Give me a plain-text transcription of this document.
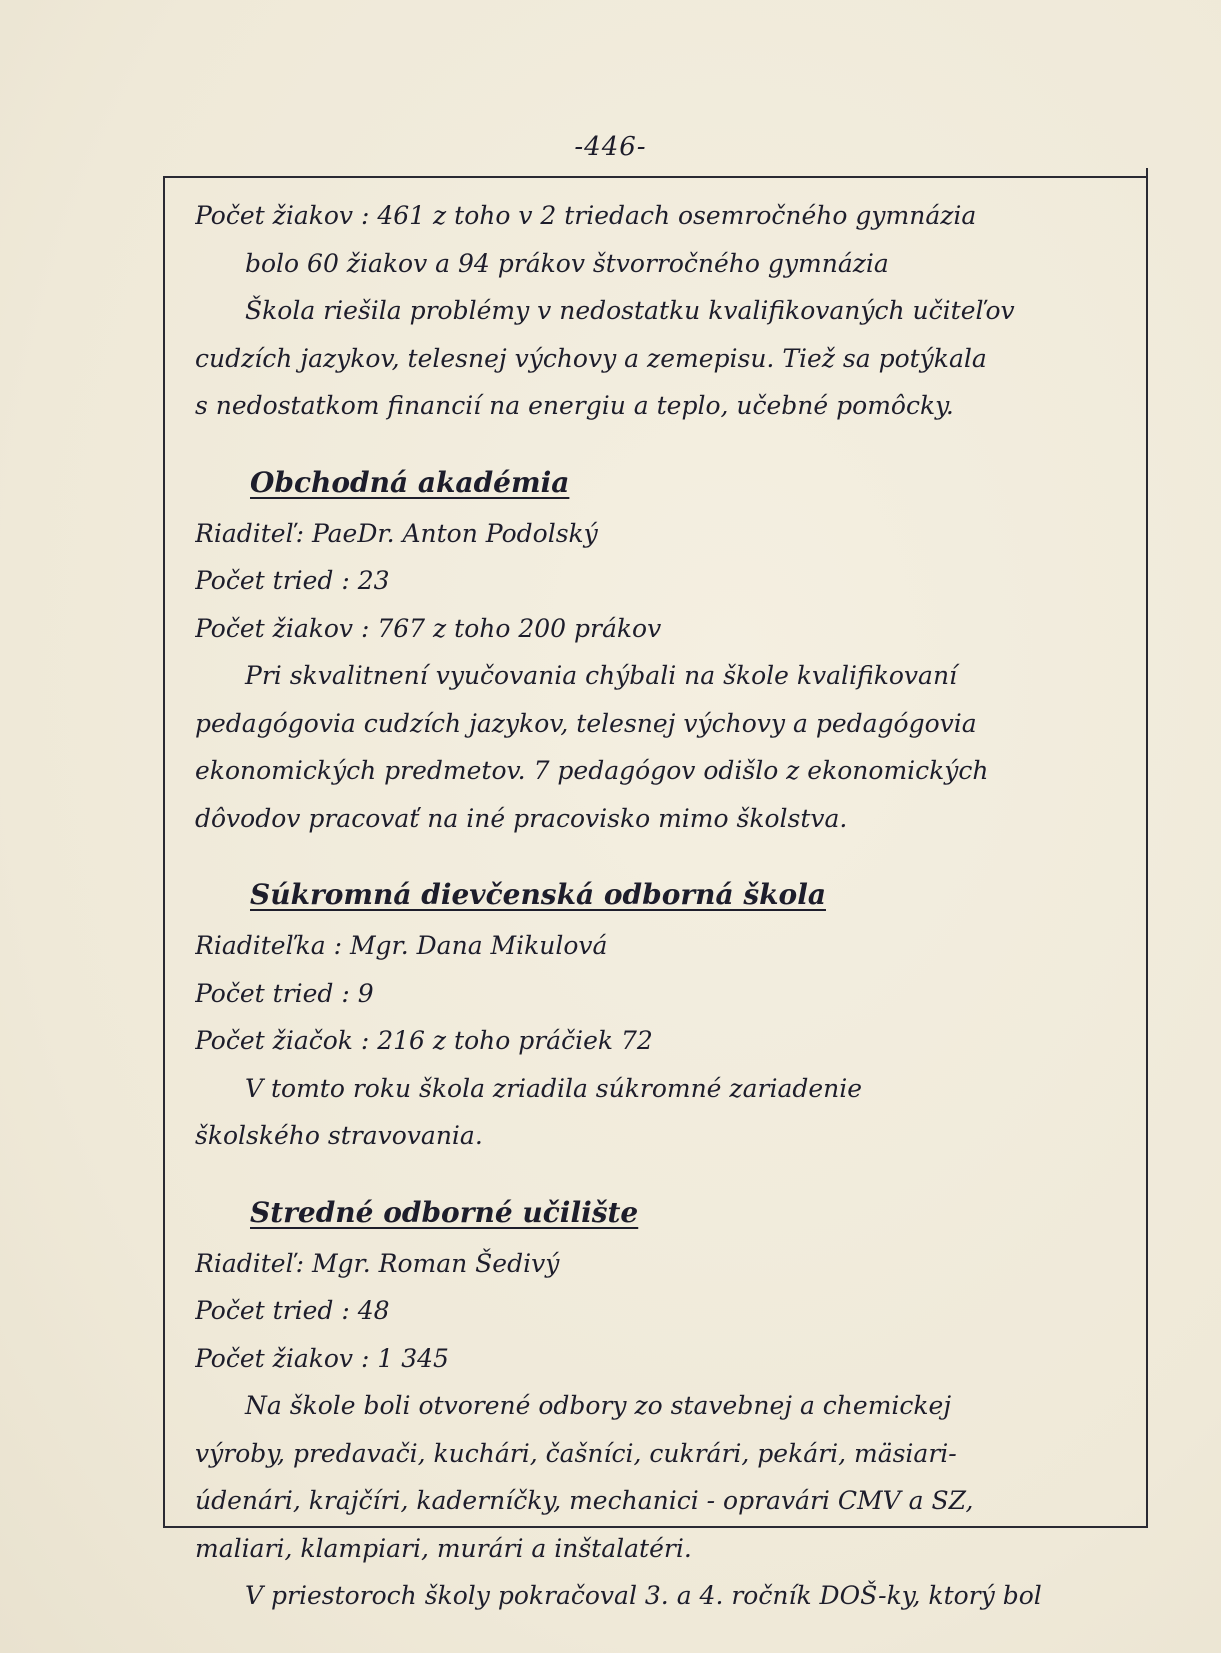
-446-
Počet žiakov : 461 z toho v 2 triedach osemročného gymnázia
bolo 60 žiakov a 94 prákov štvorročného gymnázia
Škola riešila problémy v nedostatku kvalifikovaných učiteľov
cudzích jazykov, telesnej výchovy a zemepisu. Tiež sa potýkala
s nedostatkom financií na energiu a teplo, učebné pomôcky.
Obchodná akadémia
Riaditeľ: PaeDr. Anton Podolský
Počet tried : 23
Počet žiakov : 767 z toho 200 prákov
Pri skvalitnení vyučovania chýbali na škole kvalifikovaní
pedagógovia cudzích jazykov, telesnej výchovy a pedagógovia
ekonomických predmetov. 7 pedagógov odišlo z ekonomických
dôvodov pracovať na iné pracovisko mimo školstva.
Súkromná dievčenská odborná škola
Riaditeľka : Mgr. Dana Mikulová
Počet tried : 9
Počet žiačok : 216 z toho práčiek 72
V tomto roku škola zriadila súkromné zariadenie
školského stravovania.
Stredné odborné učilište
Riaditeľ: Mgr. Roman Šedivý
Počet tried : 48
Počet žiakov : 1 345
Na škole boli otvorené odbory zo stavebnej a chemickej
výroby, predavači, kuchári, čašníci, cukrári, pekári, mäsiari-
údenári, krajčíri, kaderníčky, mechanici - opravári CMV a SZ,
maliari, klampiari, murári a inštalatéri.
V priestoroch školy pokračoval 3. a 4. ročník DOŠ-ky, ktorý bol
